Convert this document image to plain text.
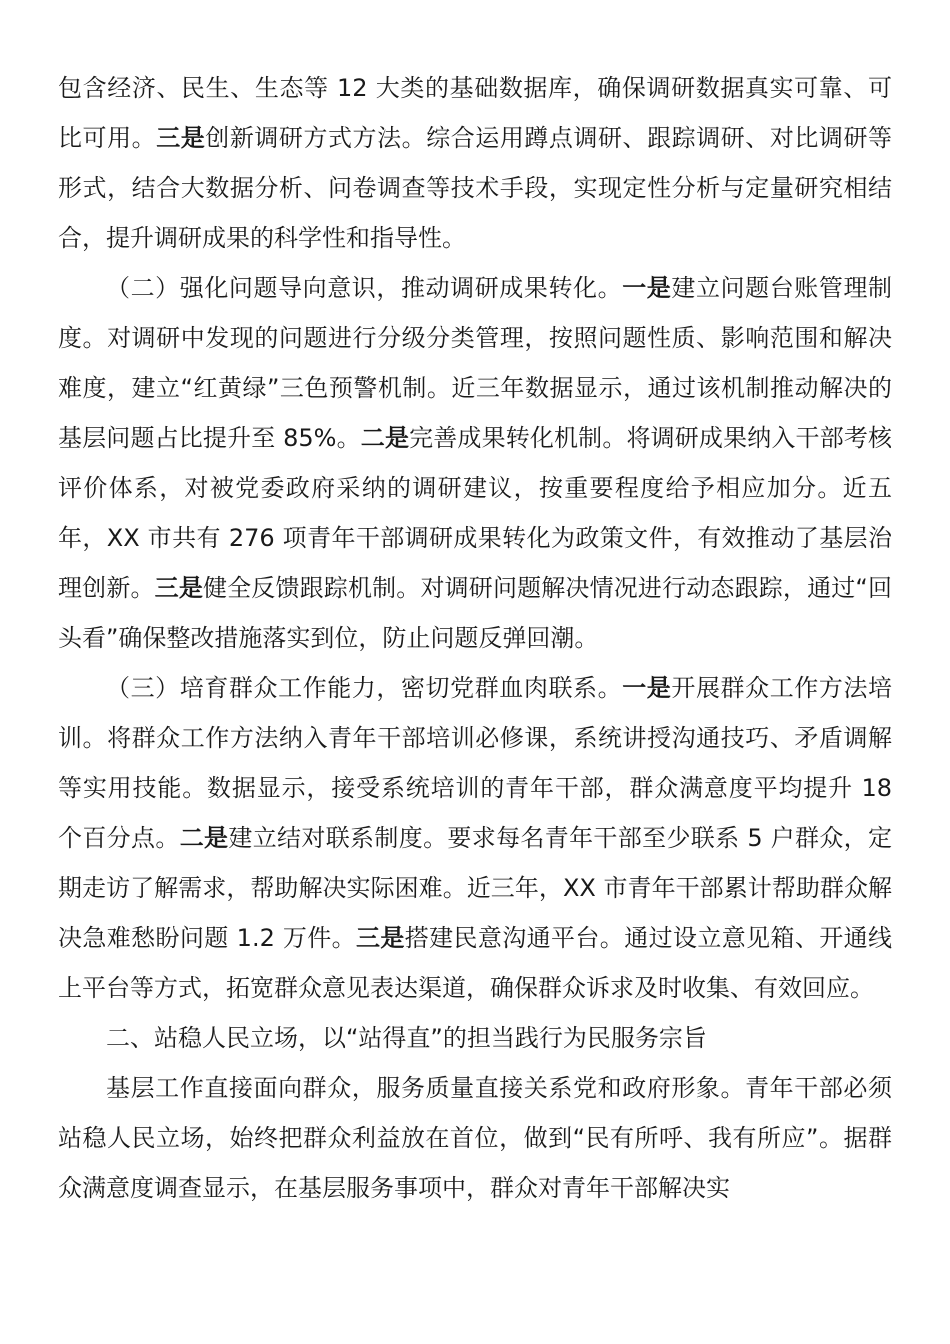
包含经济、民生、生态等 12 大类的基础数据库，确保调研数据真实可靠、可比可用。三是创新调研方式方法。综合运用蹲点调研、跟踪调研、对比调研等形式，结合大数据分析、问卷调查等技术手段，实现定性分析与定量研究相结合，提升调研成果的科学性和指导性。

（二）强化问题导向意识，推动调研成果转化。一是建立问题台账管理制度。对调研中发现的问题进行分级分类管理，按照问题性质、影响范围和解决难度，建立“红黄绿”三色预警机制。近三年数据显示，通过该机制推动解决的基层问题占比提升至 85%。二是完善成果转化机制。将调研成果纳入干部考核评价体系，对被党委政府采纳的调研建议，按重要程度给予相应加分。近五年，XX 市共有 276 项青年干部调研成果转化为政策文件，有效推动了基层治理创新。三是健全反馈跟踪机制。对调研问题解决情况进行动态跟踪，通过“回头看”确保整改措施落实到位，防止问题反弹回潮。

（三）培育群众工作能力，密切党群血肉联系。一是开展群众工作方法培训。将群众工作方法纳入青年干部培训必修课，系统讲授沟通技巧、矛盾调解等实用技能。数据显示，接受系统培训的青年干部，群众满意度平均提升 18 个百分点。二是建立结对联系制度。要求每名青年干部至少联系 5 户群众，定期走访了解需求，帮助解决实际困难。近三年，XX 市青年干部累计帮助群众解决急难愁盼问题 1.2 万件。三是搭建民意沟通平台。通过设立意见箱、开通线上平台等方式，拓宽群众意见表达渠道，确保群众诉求及时收集、有效回应。

二、站稳人民立场，以“站得直”的担当践行为民服务宗旨

基层工作直接面向群众，服务质量直接关系党和政府形象。青年干部必须站稳人民立场，始终把群众利益放在首位，做到“民有所呼、我有所应”。据群众满意度调查显示，在基层服务事项中，群众对青年干部解决实
